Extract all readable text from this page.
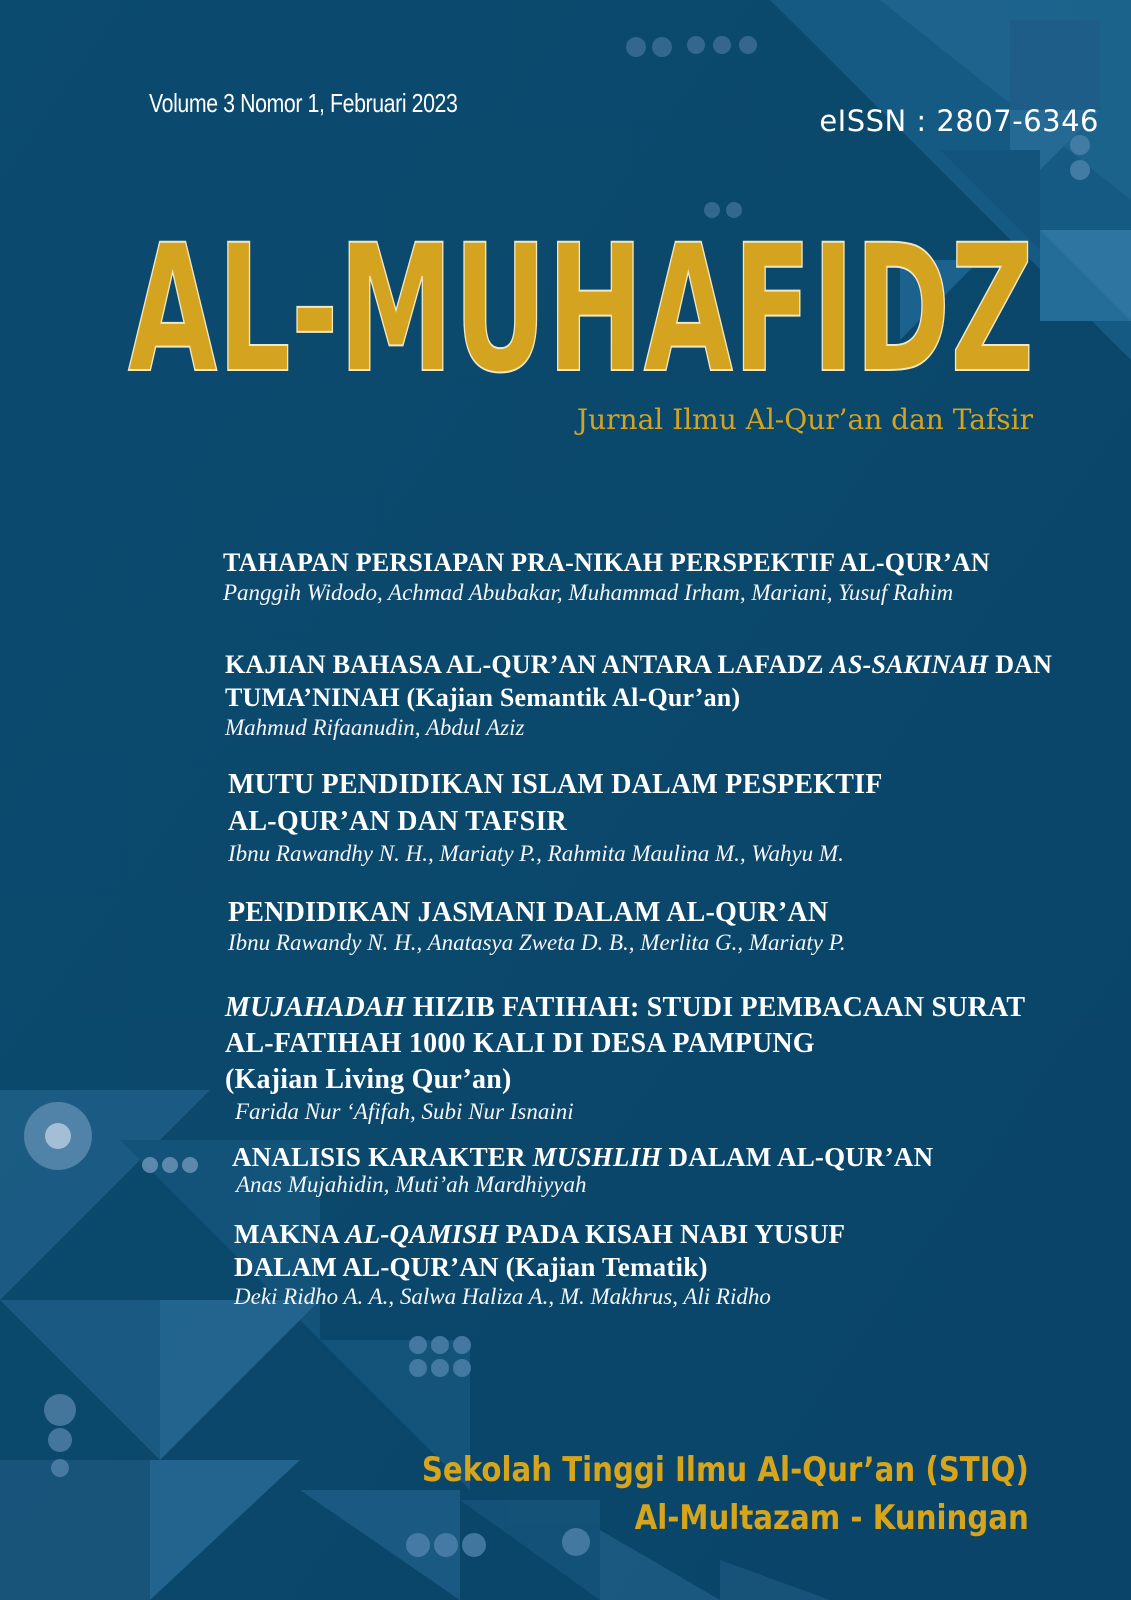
Volume 3 Nomor 1, Februari 2023
eISSN : 2807-6346
AL-MUHAFIDZ
Jurnal Ilmu Al-Qur’an dan Tafsir
TAHAPAN PERSIAPAN PRA-NIKAH PERSPEKTIF AL-QUR’AN
Panggih Widodo, Achmad Abubakar, Muhammad Irham, Mariani, Yusuf Rahim
KAJIAN BAHASA AL-QUR’AN ANTARA LAFADZ AS-SAKINAH DAN
TUMA’NINAH (Kajian Semantik Al-Qur’an)
Mahmud Rifaanudin, Abdul Aziz
MUTU PENDIDIKAN ISLAM DALAM PESPEKTIF
AL-QUR’AN DAN TAFSIR
Ibnu Rawandhy N. H., Mariaty P., Rahmita Maulina M., Wahyu M.
PENDIDIKAN JASMANI DALAM AL-QUR’AN
Ibnu Rawandy N. H., Anatasya Zweta D. B., Merlita G., Mariaty P.
MUJAHADAH HIZIB FATIHAH: STUDI PEMBACAAN SURAT
AL-FATIHAH 1000 KALI DI DESA PAMPUNG
(Kajian Living Qur’an)
Farida Nur ‘Afifah, Subi Nur Isnaini
ANALISIS KARAKTER MUSHLIH DALAM AL-QUR’AN
Anas Mujahidin, Muti’ah Mardhiyyah
MAKNA AL-QAMISH PADA KISAH NABI YUSUF
DALAM AL-QUR’AN (Kajian Tematik)
Deki Ridho A. A., Salwa Haliza A., M. Makhrus, Ali Ridho
Sekolah Tinggi Ilmu Al-Qur’an (STIQ)
Al-Multazam - Kuningan
